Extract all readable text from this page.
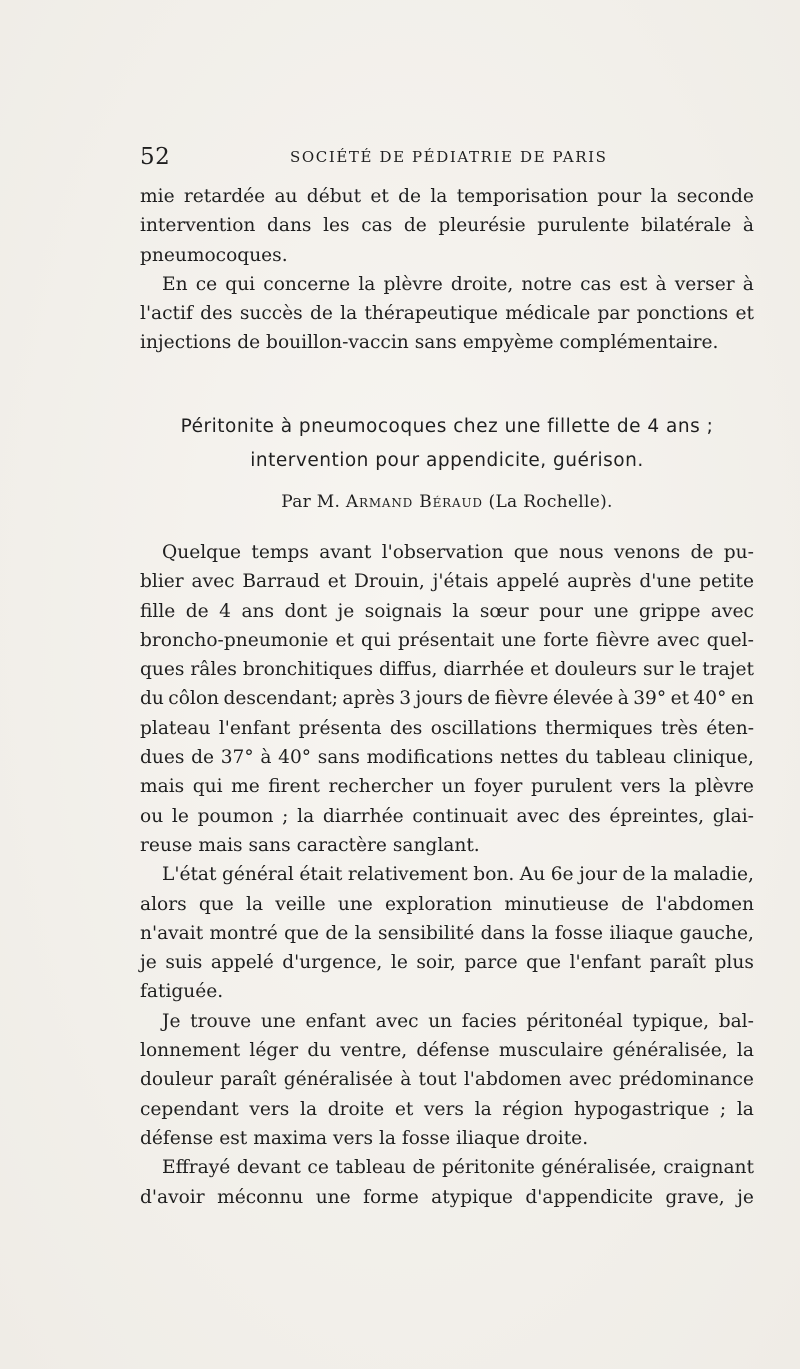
52	SOCIÉTÉ DE PÉDIATRIE DE PARIS
mie retardée au début et de la temporisation pour la seconde
intervention dans les cas de pleurésie purulente bilatérale à
pneumocoques.
En ce qui concerne la plèvre droite, notre cas est à verser à
l'actif des succès de la thérapeutique médicale par ponctions et
injections de bouillon-vaccin sans empyème complémentaire.
Péritonite à pneumocoques chez une fillette de 4 ans ;
intervention pour appendicite, guérison.
Par M. Armand Béraud (La Rochelle).
Quelque temps avant l'observation que nous venons de pu-
blier avec Barraud et Drouin, j'étais appelé auprès d'une petite
fille de 4 ans dont je soignais la sœur pour une grippe avec
broncho-pneumonie et qui présentait une forte fièvre avec quel-
ques râles bronchitiques diffus, diarrhée et douleurs sur le trajet
du côlon descendant; après 3 jours de fièvre élevée à 39° et 40° en
plateau l'enfant présenta des oscillations thermiques très éten-
dues de 37° à 40° sans modifications nettes du tableau clinique,
mais qui me firent rechercher un foyer purulent vers la plèvre
ou le poumon ; la diarrhée continuait avec des épreintes, glai-
reuse mais sans caractère sanglant.
L'état général était relativement bon. Au 6e jour de la maladie,
alors que la veille une exploration minutieuse de l'abdomen
n'avait montré que de la sensibilité dans la fosse iliaque gauche,
je suis appelé d'urgence, le soir, parce que l'enfant paraît plus
fatiguée.
Je trouve une enfant avec un facies péritonéal typique, bal-
lonnement léger du ventre, défense musculaire généralisée, la
douleur paraît généralisée à tout l'abdomen avec prédominance
cependant vers la droite et vers la région hypogastrique ; la
défense est maxima vers la fosse iliaque droite.
Effrayé devant ce tableau de péritonite généralisée, craignant
d'avoir méconnu une forme atypique d'appendicite grave, je
